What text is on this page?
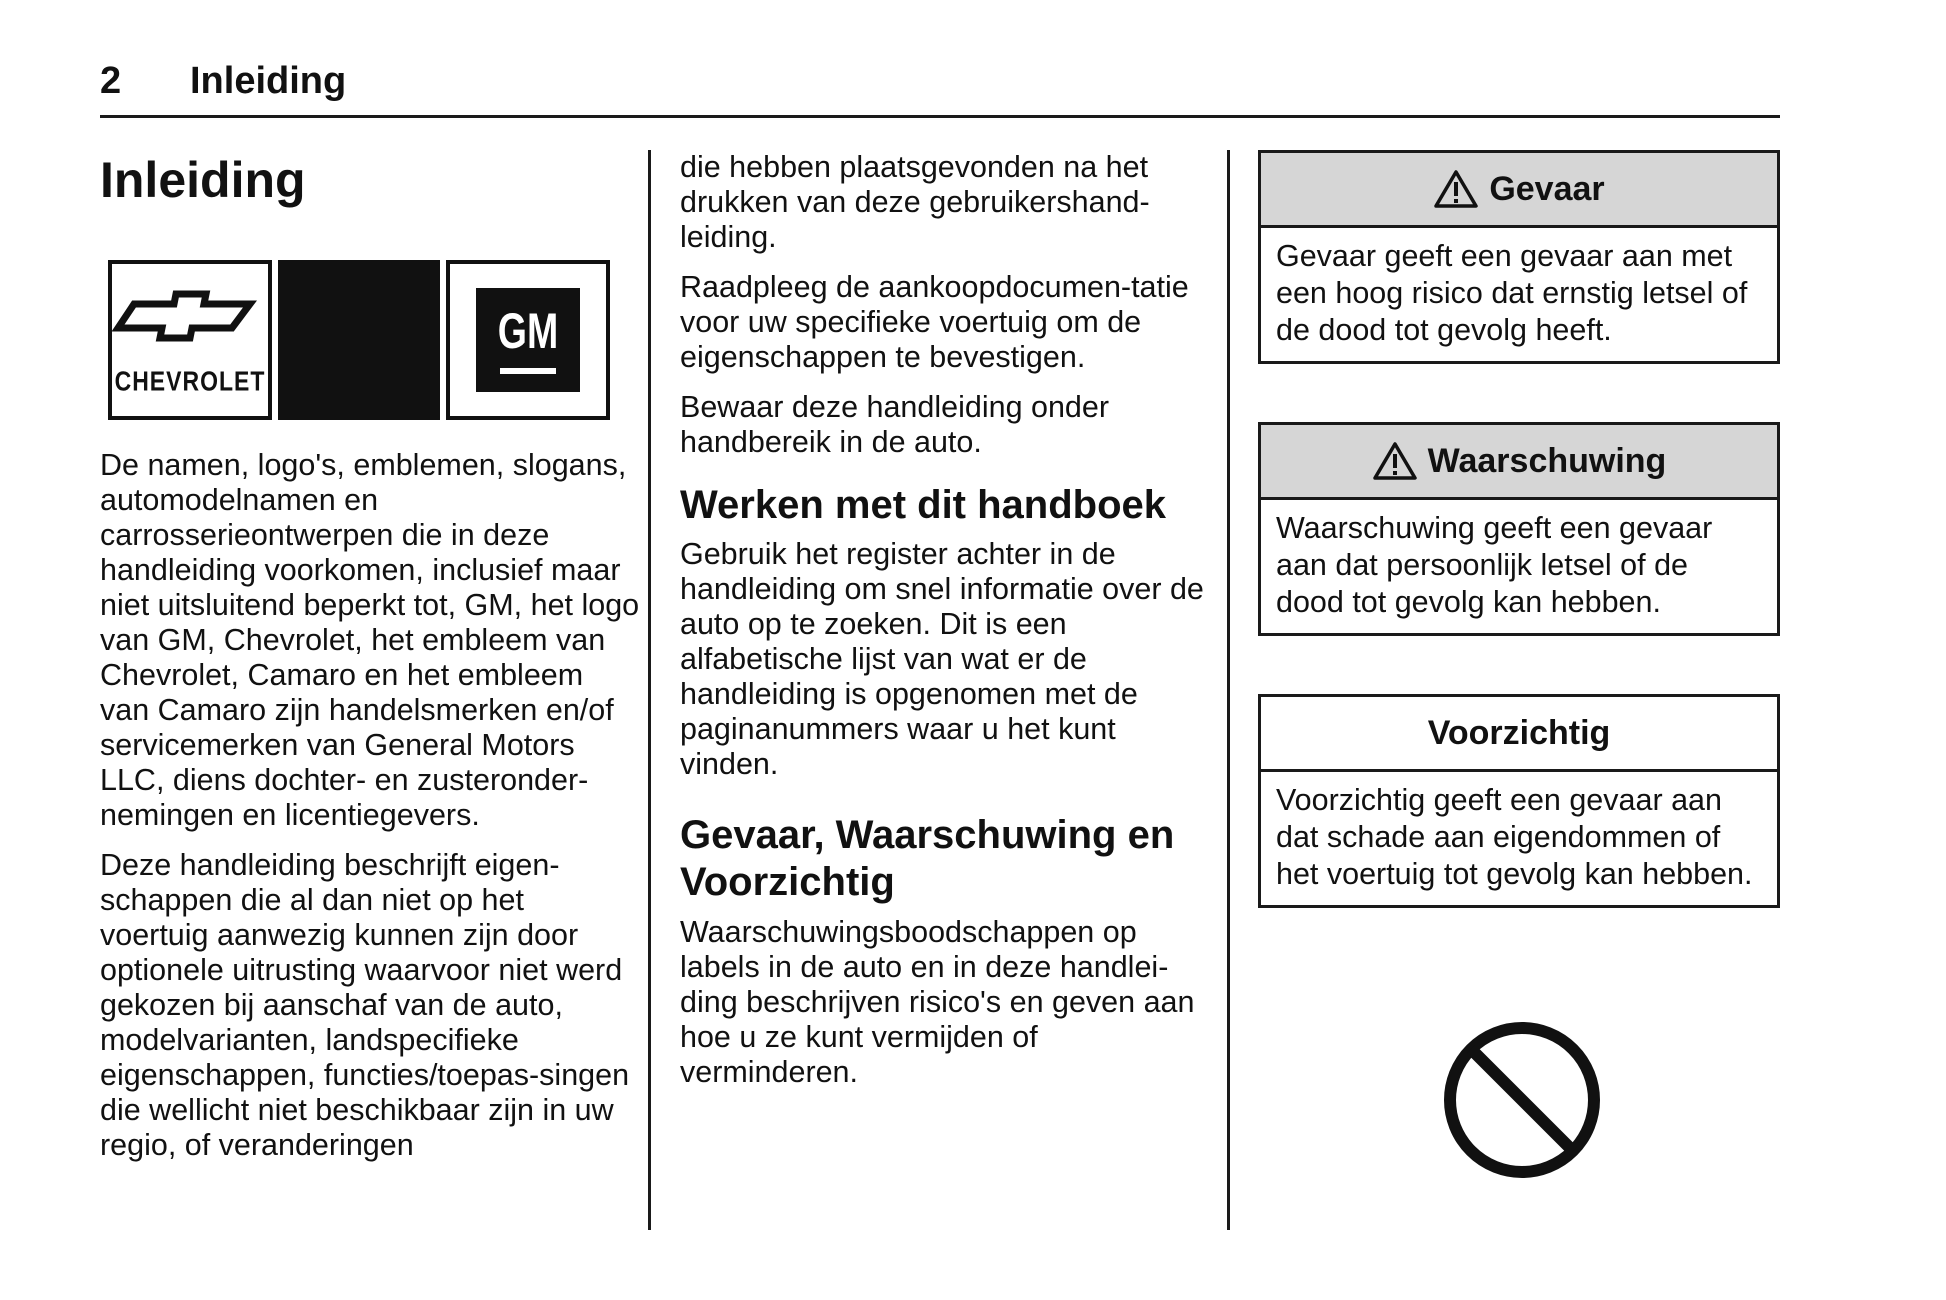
2 Inleiding
Inleiding
CHEVROLET
GM

De namen, logo's, emblemen, slogans, automodelnamen en carrosserieontwerpen die in deze handleiding voorkomen, inclusief maar niet uitsluitend beperkt tot, GM, het logo van GM, Chevrolet, het embleem van Chevrolet, Camaro en het embleem van Camaro zijn handelsmerken en/of servicemerken van General Motors LLC, diens dochter- en zusteronder-nemingen en licentiegevers.

Deze handleiding beschrijft eigen-schappen die al dan niet op het voertuig aanwezig kunnen zijn door optionele uitrusting waarvoor niet werd gekozen bij aanschaf van de auto, modelvarianten, landspecifieke eigenschappen, functies/toepas-singen die wellicht niet beschikbaar zijn in uw regio, of veranderingen

die hebben plaatsgevonden na het drukken van deze gebruikershand-leiding.

Raadpleeg de aankoopdocumen-tatie voor uw specifieke voertuig om de eigenschappen te bevestigen.

Bewaar deze handleiding onder handbereik in de auto.

Werken met dit handboek

Gebruik het register achter in de handleiding om snel informatie over de auto op te zoeken. Dit is een alfabetische lijst van wat er de handleiding is opgenomen met de paginanummers waar u het kunt vinden.

Gevaar, Waarschuwing en Voorzichtig

Waarschuwingsboodschappen op labels in de auto en in deze handlei-ding beschrijven risico's en geven aan hoe u ze kunt vermijden of verminderen.

Gevaar
Gevaar geeft een gevaar aan met een hoog risico dat ernstig letsel of de dood tot gevolg heeft.
Waarschuwing
Waarschuwing geeft een gevaar aan dat persoonlijk letsel of de dood tot gevolg kan hebben.
Voorzichtig
Voorzichtig geeft een gevaar aan dat schade aan eigendommen of het voertuig tot gevolg kan hebben.
